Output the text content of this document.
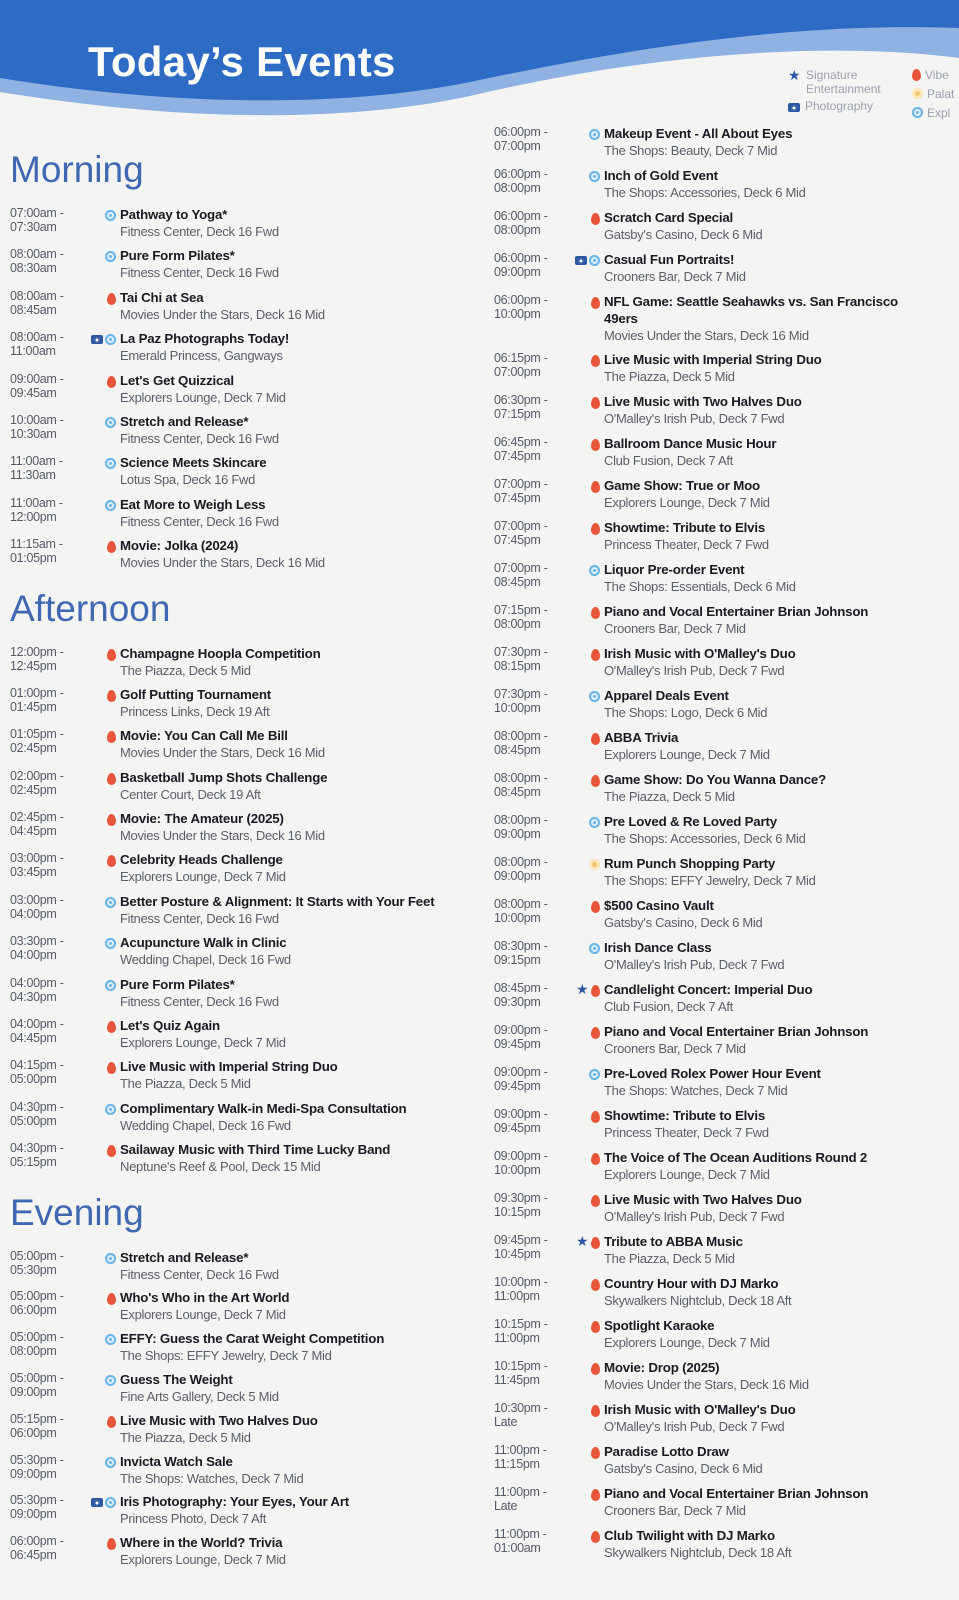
Today’s Events	★ Signature Entertainment
Photography
Vibe
Palat
Expl
Morning
07:00am -
07:30am
Pathway to Yoga*
Fitness Center, Deck 16 Fwd
08:00am -
08:30am
Pure Form Pilates*
Fitness Center, Deck 16 Fwd
08:00am -
08:45am
Tai Chi at Sea
Movies Under the Stars, Deck 16 Mid
08:00am -
11:00am
La Paz Photographs Today!
Emerald Princess, Gangways
09:00am -
09:45am
Let's Get Quizzical
Explorers Lounge, Deck 7 Mid
10:00am -
10:30am
Stretch and Release*
Fitness Center, Deck 16 Fwd
11:00am -
11:30am
Science Meets Skincare
Lotus Spa, Deck 16 Fwd
11:00am -
12:00pm
Eat More to Weigh Less
Fitness Center, Deck 16 Fwd
11:15am -
01:05pm
Movie: Jolka (2024)
Movies Under the Stars, Deck 16 Mid
Afternoon
12:00pm -
12:45pm
Champagne Hoopla Competition
The Piazza, Deck 5 Mid
01:00pm -
01:45pm
Golf Putting Tournament
Princess Links, Deck 19 Aft
01:05pm -
02:45pm
Movie: You Can Call Me Bill
Movies Under the Stars, Deck 16 Mid
02:00pm -
02:45pm
Basketball Jump Shots Challenge
Center Court, Deck 19 Aft
02:45pm -
04:45pm
Movie: The Amateur (2025)
Movies Under the Stars, Deck 16 Mid
03:00pm -
03:45pm
Celebrity Heads Challenge
Explorers Lounge, Deck 7 Mid
03:00pm -
04:00pm
Better Posture & Alignment: It Starts with Your Feet
Fitness Center, Deck 16 Fwd
03:30pm -
04:00pm
Acupuncture Walk in Clinic
Wedding Chapel, Deck 16 Fwd
04:00pm -
04:30pm
Pure Form Pilates*
Fitness Center, Deck 16 Fwd
04:00pm -
04:45pm
Let's Quiz Again
Explorers Lounge, Deck 7 Mid
04:15pm -
05:00pm
Live Music with Imperial String Duo
The Piazza, Deck 5 Mid
04:30pm -
05:00pm
Complimentary Walk-in Medi-Spa Consultation
Wedding Chapel, Deck 16 Fwd
04:30pm -
05:15pm
Sailaway Music with Third Time Lucky Band
Neptune's Reef & Pool, Deck 15 Mid
Evening
05:00pm -
05:30pm
Stretch and Release*
Fitness Center, Deck 16 Fwd
05:00pm -
06:00pm
Who's Who in the Art World
Explorers Lounge, Deck 7 Mid
05:00pm -
08:00pm
EFFY: Guess the Carat Weight Competition
The Shops: EFFY Jewelry, Deck 7 Mid
05:00pm -
09:00pm
Guess The Weight
Fine Arts Gallery, Deck 5 Mid
05:15pm -
06:00pm
Live Music with Two Halves Duo
The Piazza, Deck 5 Mid
05:30pm -
09:00pm
Invicta Watch Sale
The Shops: Watches, Deck 7 Mid
05:30pm -
09:00pm
Iris Photography: Your Eyes, Your Art
Princess Photo, Deck 7 Aft
06:00pm -
06:45pm
Where in the World? Trivia
Explorers Lounge, Deck 7 Mid
06:00pm -
07:00pm
Makeup Event - All About Eyes
The Shops: Beauty, Deck 7 Mid
06:00pm -
08:00pm
Inch of Gold Event
The Shops: Accessories, Deck 6 Mid
06:00pm -
08:00pm
Scratch Card Special
Gatsby's Casino, Deck 6 Mid
06:00pm -
09:00pm
Casual Fun Portraits!
Crooners Bar, Deck 7 Mid
06:00pm -
10:00pm
NFL Game: Seattle Seahawks vs. San Francisco
49ers
Movies Under the Stars, Deck 16 Mid
06:15pm -
07:00pm
Live Music with Imperial String Duo
The Piazza, Deck 5 Mid
06:30pm -
07:15pm
Live Music with Two Halves Duo
O'Malley's Irish Pub, Deck 7 Fwd
06:45pm -
07:45pm
Ballroom Dance Music Hour
Club Fusion, Deck 7 Aft
07:00pm -
07:45pm
Game Show: True or Moo
Explorers Lounge, Deck 7 Mid
07:00pm -
07:45pm
Showtime: Tribute to Elvis
Princess Theater, Deck 7 Fwd
07:00pm -
08:45pm
Liquor Pre-order Event
The Shops: Essentials, Deck 6 Mid
07:15pm -
08:00pm
Piano and Vocal Entertainer Brian Johnson
Crooners Bar, Deck 7 Mid
07:30pm -
08:15pm
Irish Music with O'Malley's Duo
O'Malley's Irish Pub, Deck 7 Fwd
07:30pm -
10:00pm
Apparel Deals Event
The Shops: Logo, Deck 6 Mid
08:00pm -
08:45pm
ABBA Trivia
Explorers Lounge, Deck 7 Mid
08:00pm -
08:45pm
Game Show: Do You Wanna Dance?
The Piazza, Deck 5 Mid
08:00pm -
09:00pm
Pre Loved & Re Loved Party
The Shops: Accessories, Deck 6 Mid
08:00pm -
09:00pm
Rum Punch Shopping Party
The Shops: EFFY Jewelry, Deck 7 Mid
08:00pm -
10:00pm
$500 Casino Vault
Gatsby's Casino, Deck 6 Mid
08:30pm -
09:15pm
Irish Dance Class
O'Malley's Irish Pub, Deck 7 Fwd
08:45pm -
09:30pm
★ Candlelight Concert: Imperial Duo
Club Fusion, Deck 7 Aft
09:00pm -
09:45pm
Piano and Vocal Entertainer Brian Johnson
Crooners Bar, Deck 7 Mid
09:00pm -
09:45pm
Pre-Loved Rolex Power Hour Event
The Shops: Watches, Deck 7 Mid
09:00pm -
09:45pm
Showtime: Tribute to Elvis
Princess Theater, Deck 7 Fwd
09:00pm -
10:00pm
The Voice of The Ocean Auditions Round 2
Explorers Lounge, Deck 7 Mid
09:30pm -
10:15pm
Live Music with Two Halves Duo
O'Malley's Irish Pub, Deck 7 Fwd
09:45pm -
10:45pm
★ Tribute to ABBA Music
The Piazza, Deck 5 Mid
10:00pm -
11:00pm
Country Hour with DJ Marko
Skywalkers Nightclub, Deck 18 Aft
10:15pm -
11:00pm
Spotlight Karaoke
Explorers Lounge, Deck 7 Mid
10:15pm -
11:45pm
Movie: Drop (2025)
Movies Under the Stars, Deck 16 Mid
10:30pm -
Late
Irish Music with O'Malley's Duo
O'Malley's Irish Pub, Deck 7 Fwd
11:00pm -
11:15pm
Paradise Lotto Draw
Gatsby's Casino, Deck 6 Mid
11:00pm -
Late
Piano and Vocal Entertainer Brian Johnson
Crooners Bar, Deck 7 Mid
11:00pm -
01:00am
Club Twilight with DJ Marko
Skywalkers Nightclub, Deck 18 Aft
